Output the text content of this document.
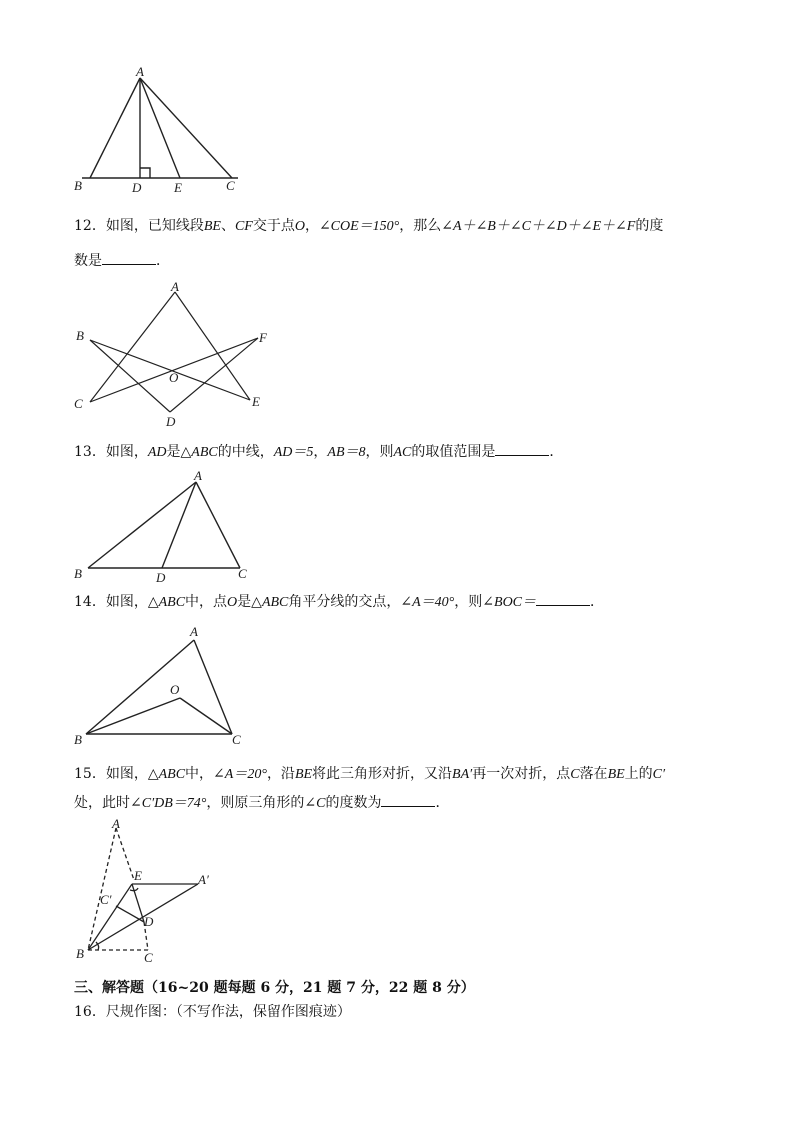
A
B	D	E	C
12．如图，已知线段BE、CF交于点O，∠COE＝150°，那么∠A＋∠B＋∠C＋∠D＋∠E＋∠F的度
数是	．
A
B	F
O
C	E
D
13．如图，AD是△ABC的中线，AD＝5，AB＝8，则AC的取值范围是	．
A
B	D	C
14．如图，△ABC中，点O是△ABC角平分线的交点，∠A＝40°，则∠BOC＝	．
A
O
B	C
15．如图，△ABC中，∠A＝20°，沿BE将此三角形对折，又沿BA′再一次对折，点C落在BE上的C′
处，此时∠C′DB＝74°，则原三角形的∠C的度数为	．
A
E	A′
C′
D
B	C
三、解答题（16~20 题每题 6 分，21 题 7 分，22 题 8 分）
16．尺规作图：（不写作法，保留作图痕迹）
